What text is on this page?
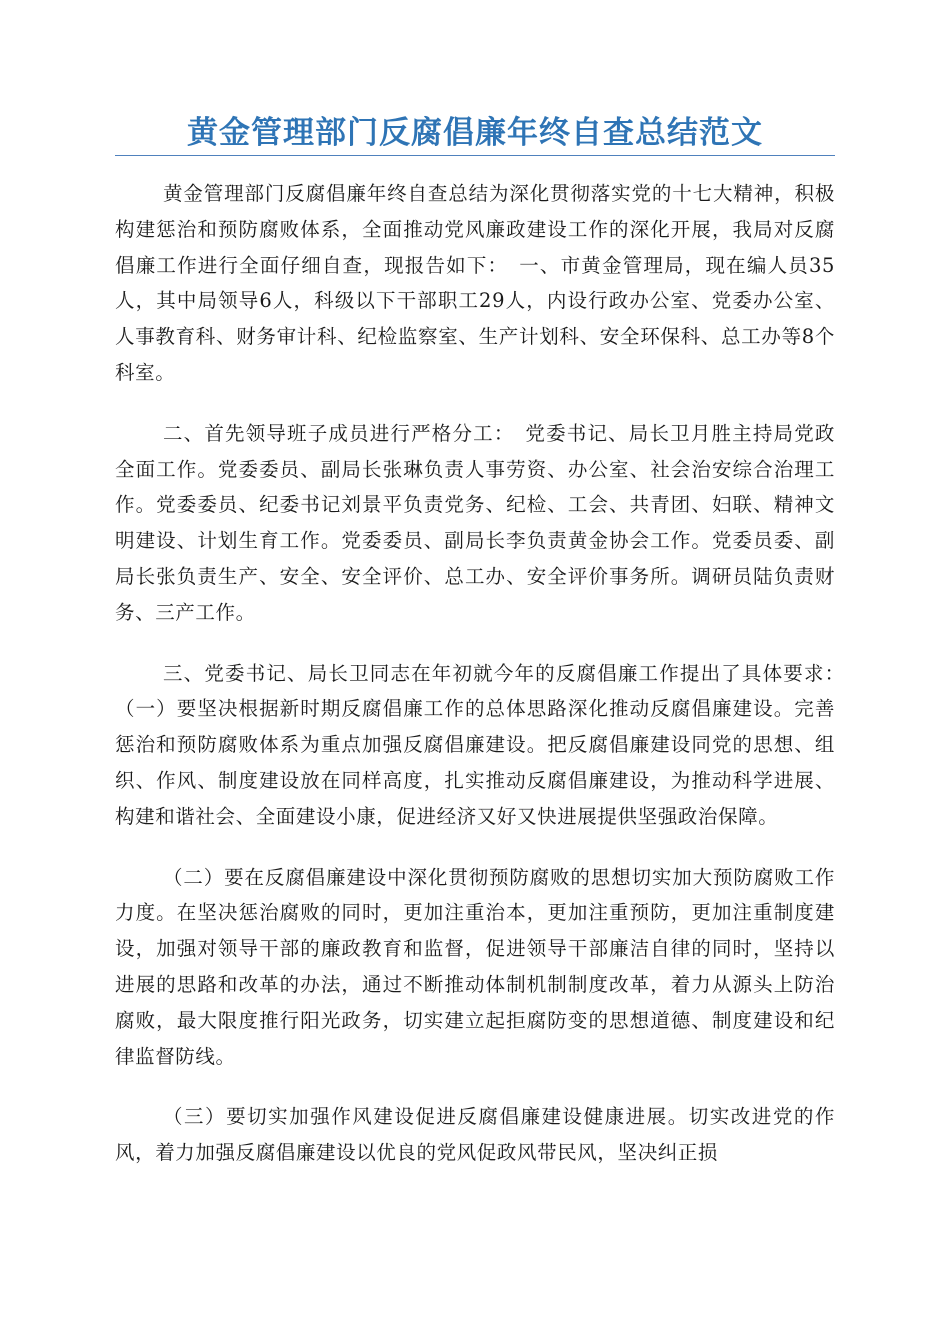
黄金管理部门反腐倡廉年终自查总结范文

黄金管理部门反腐倡廉年终自查总结为深化贯彻落实党的十七大精神，积极构建惩治和预防腐败体系，全面推动党风廉政建设工作的深化开展，我局对反腐倡廉工作进行全面仔细自查，现报告如下：　一、市黄金管理局，现在编人员35人，其中局领导6人，科级以下干部职工29人，内设行政办公室、党委办公室、人事教育科、财务审计科、纪检监察室、生产计划科、安全环保科、总工办等8个科室。

二、首先领导班子成员进行严格分工：　党委书记、局长卫月胜主持局党政全面工作。党委委员、副局长张琳负责人事劳资、办公室、社会治安综合治理工作。党委委员、纪委书记刘景平负责党务、纪检、工会、共青团、妇联、精神文明建设、计划生育工作。党委委员、副局长李负责黄金协会工作。党委员委、副局长张负责生产、安全、安全评价、总工办、安全评价事务所。调研员陆负责财务、三产工作。

三、党委书记、局长卫同志在年初就今年的反腐倡廉工作提出了具体要求：　（一）要坚决根据新时期反腐倡廉工作的总体思路深化推动反腐倡廉建设。完善惩治和预防腐败体系为重点加强反腐倡廉建设。把反腐倡廉建设同党的思想、组织、作风、制度建设放在同样高度，扎实推动反腐倡廉建设，为推动科学进展、构建和谐社会、全面建设小康，促进经济又好又快进展提供坚强政治保障。

（二）要在反腐倡廉建设中深化贯彻预防腐败的思想切实加大预防腐败工作力度。在坚决惩治腐败的同时，更加注重治本，更加注重预防，更加注重制度建设，加强对领导干部的廉政教育和监督，促进领导干部廉洁自律的同时，坚持以进展的思路和改革的办法，通过不断推动体制机制制度改革，着力从源头上防治腐败，最大限度推行阳光政务，切实建立起拒腐防变的思想道德、制度建设和纪律监督防线。

（三）要切实加强作风建设促进反腐倡廉建设健康进展。切实改进党的作风，着力加强反腐倡廉建设以优良的党风促政风带民风，坚决纠正损
